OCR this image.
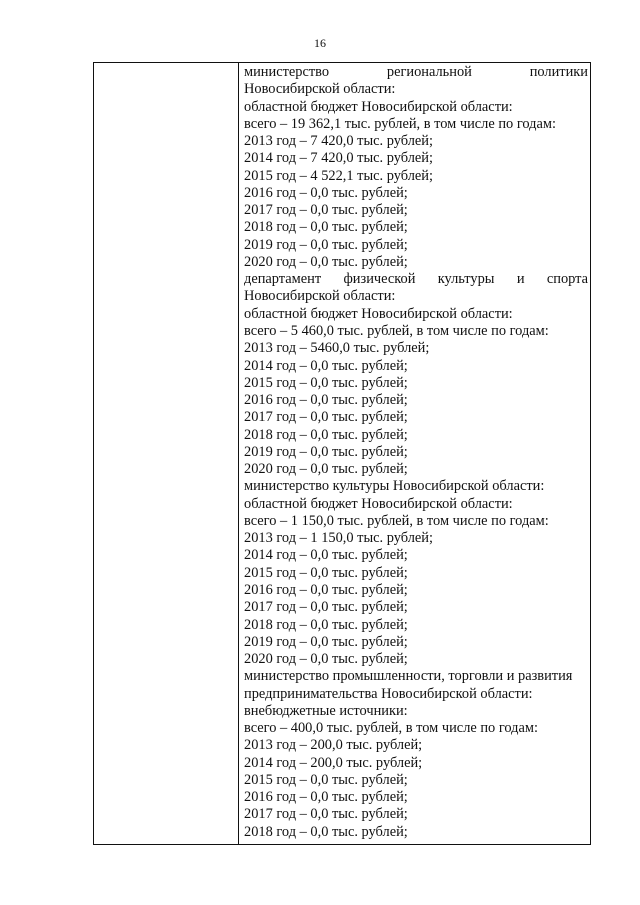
16
министерство региональной политики
Новосибирской области:
областной бюджет Новосибирской области:
всего – 19 362,1 тыс. рублей, в том числе по годам:
2013 год – 7 420,0 тыс. рублей;
2014 год – 7 420,0 тыс. рублей;
2015 год – 4 522,1 тыс. рублей;
2016 год – 0,0 тыс. рублей;
2017 год – 0,0 тыс. рублей;
2018 год – 0,0 тыс. рублей;
2019 год – 0,0 тыс. рублей;
2020 год – 0,0 тыс. рублей;
департамент физической культуры и спорта
Новосибирской области:
областной бюджет Новосибирской области:
всего – 5 460,0 тыс. рублей, в том числе по годам:
2013 год – 5460,0 тыс. рублей;
2014 год – 0,0 тыс. рублей;
2015 год – 0,0 тыс. рублей;
2016 год – 0,0 тыс. рублей;
2017 год – 0,0 тыс. рублей;
2018 год – 0,0 тыс. рублей;
2019 год – 0,0 тыс. рублей;
2020 год – 0,0 тыс. рублей;
министерство культуры Новосибирской области:
областной бюджет Новосибирской области:
всего – 1 150,0 тыс. рублей, в том числе по годам:
2013 год – 1 150,0 тыс. рублей;
2014 год – 0,0 тыс. рублей;
2015 год – 0,0 тыс. рублей;
2016 год – 0,0 тыс. рублей;
2017 год – 0,0 тыс. рублей;
2018 год – 0,0 тыс. рублей;
2019 год – 0,0 тыс. рублей;
2020 год – 0,0 тыс. рублей;
министерство промышленности, торговли и развития
предпринимательства Новосибирской области:
внебюджетные источники:
всего – 400,0 тыс. рублей, в том числе по годам:
2013 год – 200,0 тыс. рублей;
2014 год – 200,0 тыс. рублей;
2015 год – 0,0 тыс. рублей;
2016 год – 0,0 тыс. рублей;
2017 год – 0,0 тыс. рублей;
2018 год – 0,0 тыс. рублей;
